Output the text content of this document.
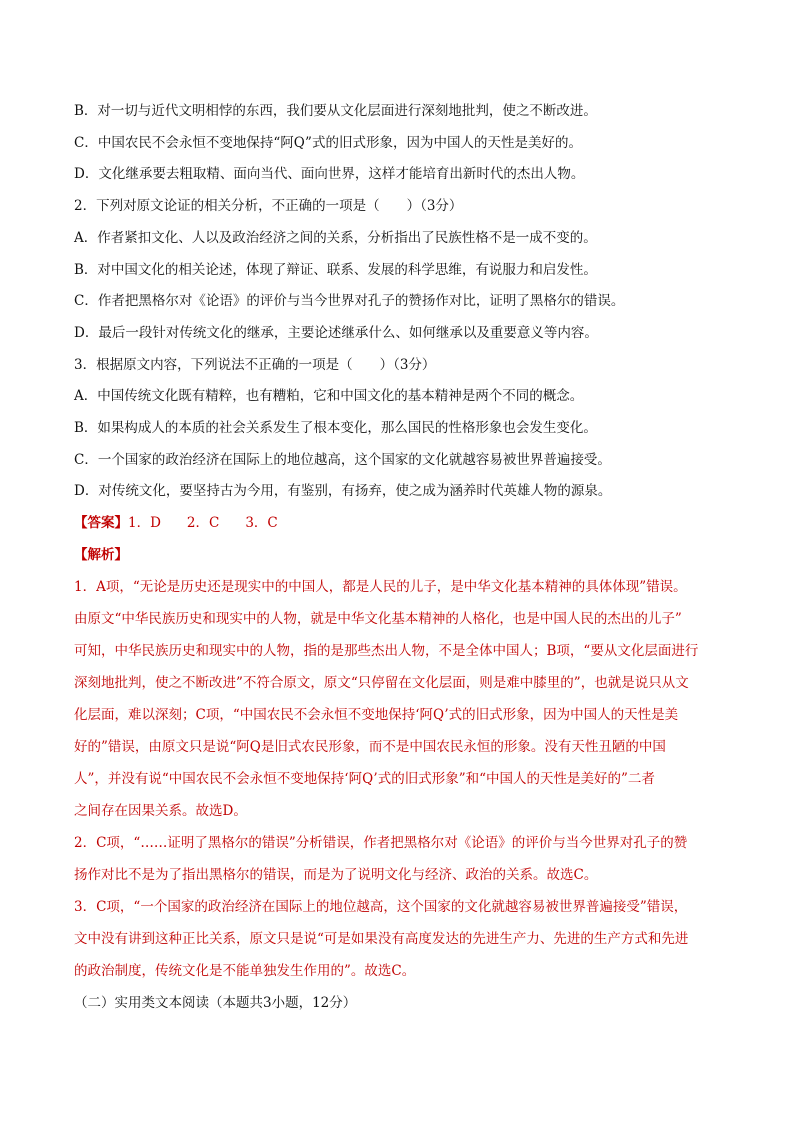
B．对一切与近代文明相悖的东西，我们要从文化层面进行深刻地批判，使之不断改进。
C．中国农民不会永恒不变地保持“阿Q”式的旧式形象，因为中国人的天性是美好的。
D．文化继承要去粗取精、面向当代、面向世界，这样才能培育出新时代的杰出人物。
2．下列对原文论证的相关分析，不正确的一项是（　　）（3分）
A．作者紧扣文化、人以及政治经济之间的关系，分析指出了民族性格不是一成不变的。
B．对中国文化的相关论述，体现了辩证、联系、发展的科学思维，有说服力和启发性。
C．作者把黑格尔对《论语》的评价与当今世界对孔子的赞扬作对比，证明了黑格尔的错误。
D．最后一段针对传统文化的继承，主要论述继承什么、如何继承以及重要意义等内容。
3．根据原文内容，下列说法不正确的一项是（　　）（3分）
A．中国传统文化既有精粹，也有糟粕，它和中国文化的基本精神是两个不同的概念。
B．如果构成人的本质的社会关系发生了根本变化，那么国民的性格形象也会发生变化。
C．一个国家的政治经济在国际上的地位越高，这个国家的文化就越容易被世界普遍接受。
D．对传统文化，要坚持古为今用，有鉴别，有扬弃，使之成为涵养时代英雄人物的源泉。
【答案】1．D 2．C 3．C
【解析】
1．A项，“无论是历史还是现实中的中国人，都是人民的儿子，是中华文化基本精神的具体体现”错误。
由原文“中华民族历史和现实中的人物，就是中华文化基本精神的人格化，也是中国人民的杰出的儿子”
可知，中华民族历史和现实中的人物，指的是那些杰出人物，不是全体中国人；B项，“要从文化层面进行
深刻地批判，使之不断改进”不符合原文，原文“只停留在文化层面，则是难中膝里的”，也就是说只从文
化层面，难以深刻；C项，“中国农民不会永恒不变地保持‘阿Q’式的旧式形象，因为中国人的天性是美
好的”错误，由原文只是说“阿Q是旧式农民形象，而不是中国农民永恒的形象。没有天性丑陋的中国
人”，并没有说“中国农民不会永恒不变地保持‘阿Q’式的旧式形象”和“中国人的天性是美好的”二者
之间存在因果关系。故选D。
2．C项，“……证明了黑格尔的错误”分析错误，作者把黑格尔对《论语》的评价与当今世界对孔子的赞
扬作对比不是为了指出黑格尔的错误，而是为了说明文化与经济、政治的关系。故选C。
3．C项，“一个国家的政治经济在国际上的地位越高，这个国家的文化就越容易被世界普遍接受”错误，
文中没有讲到这种正比关系，原文只是说“可是如果没有高度发达的先进生产力、先进的生产方式和先进
的政治制度，传统文化是不能单独发生作用的”。故选C。
（二）实用类文本阅读（本题共3小题，12分）
